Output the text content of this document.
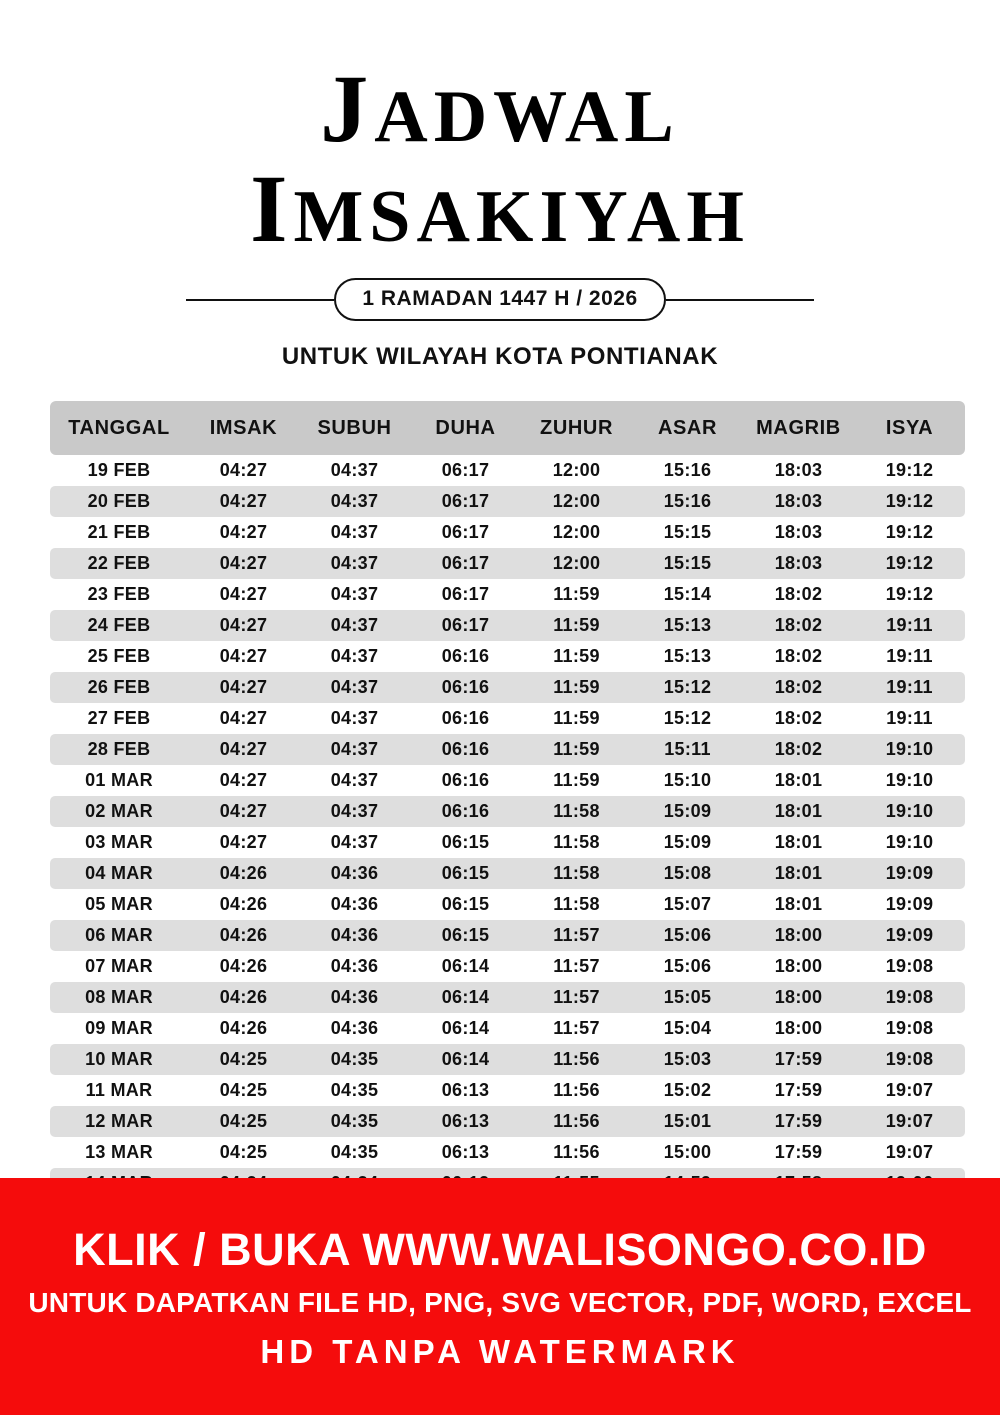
JADWAL
IMSAKIYAH
1 RAMADAN 1447 H / 2026
UNTUK WILAYAH KOTA PONTIANAK
TANGGAL	IMSAK	SUBUH	DUHA	ZUHUR	ASAR	MAGRIB	ISYA
19 FEB	04:27	04:37	06:17	12:00	15:16	18:03	19:12
20 FEB	04:27	04:37	06:17	12:00	15:16	18:03	19:12
21 FEB	04:27	04:37	06:17	12:00	15:15	18:03	19:12
22 FEB	04:27	04:37	06:17	12:00	15:15	18:03	19:12
23 FEB	04:27	04:37	06:17	11:59	15:14	18:02	19:12
24 FEB	04:27	04:37	06:17	11:59	15:13	18:02	19:11
25 FEB	04:27	04:37	06:16	11:59	15:13	18:02	19:11
26 FEB	04:27	04:37	06:16	11:59	15:12	18:02	19:11
27 FEB	04:27	04:37	06:16	11:59	15:12	18:02	19:11
28 FEB	04:27	04:37	06:16	11:59	15:11	18:02	19:10
01 MAR	04:27	04:37	06:16	11:59	15:10	18:01	19:10
02 MAR	04:27	04:37	06:16	11:58	15:09	18:01	19:10
03 MAR	04:27	04:37	06:15	11:58	15:09	18:01	19:10
04 MAR	04:26	04:36	06:15	11:58	15:08	18:01	19:09
05 MAR	04:26	04:36	06:15	11:58	15:07	18:01	19:09
06 MAR	04:26	04:36	06:15	11:57	15:06	18:00	19:09
07 MAR	04:26	04:36	06:14	11:57	15:06	18:00	19:08
08 MAR	04:26	04:36	06:14	11:57	15:05	18:00	19:08
09 MAR	04:26	04:36	06:14	11:57	15:04	18:00	19:08
10 MAR	04:25	04:35	06:14	11:56	15:03	17:59	19:08
11 MAR	04:25	04:35	06:13	11:56	15:02	17:59	19:07
12 MAR	04:25	04:35	06:13	11:56	15:01	17:59	19:07
13 MAR	04:25	04:35	06:13	11:56	15:00	17:59	19:07

KLIK / BUKA WWW.WALISONGO.CO.ID
UNTUK DAPATKAN FILE HD, PNG, SVG VECTOR, PDF, WORD, EXCEL
HD TANPA WATERMARK
